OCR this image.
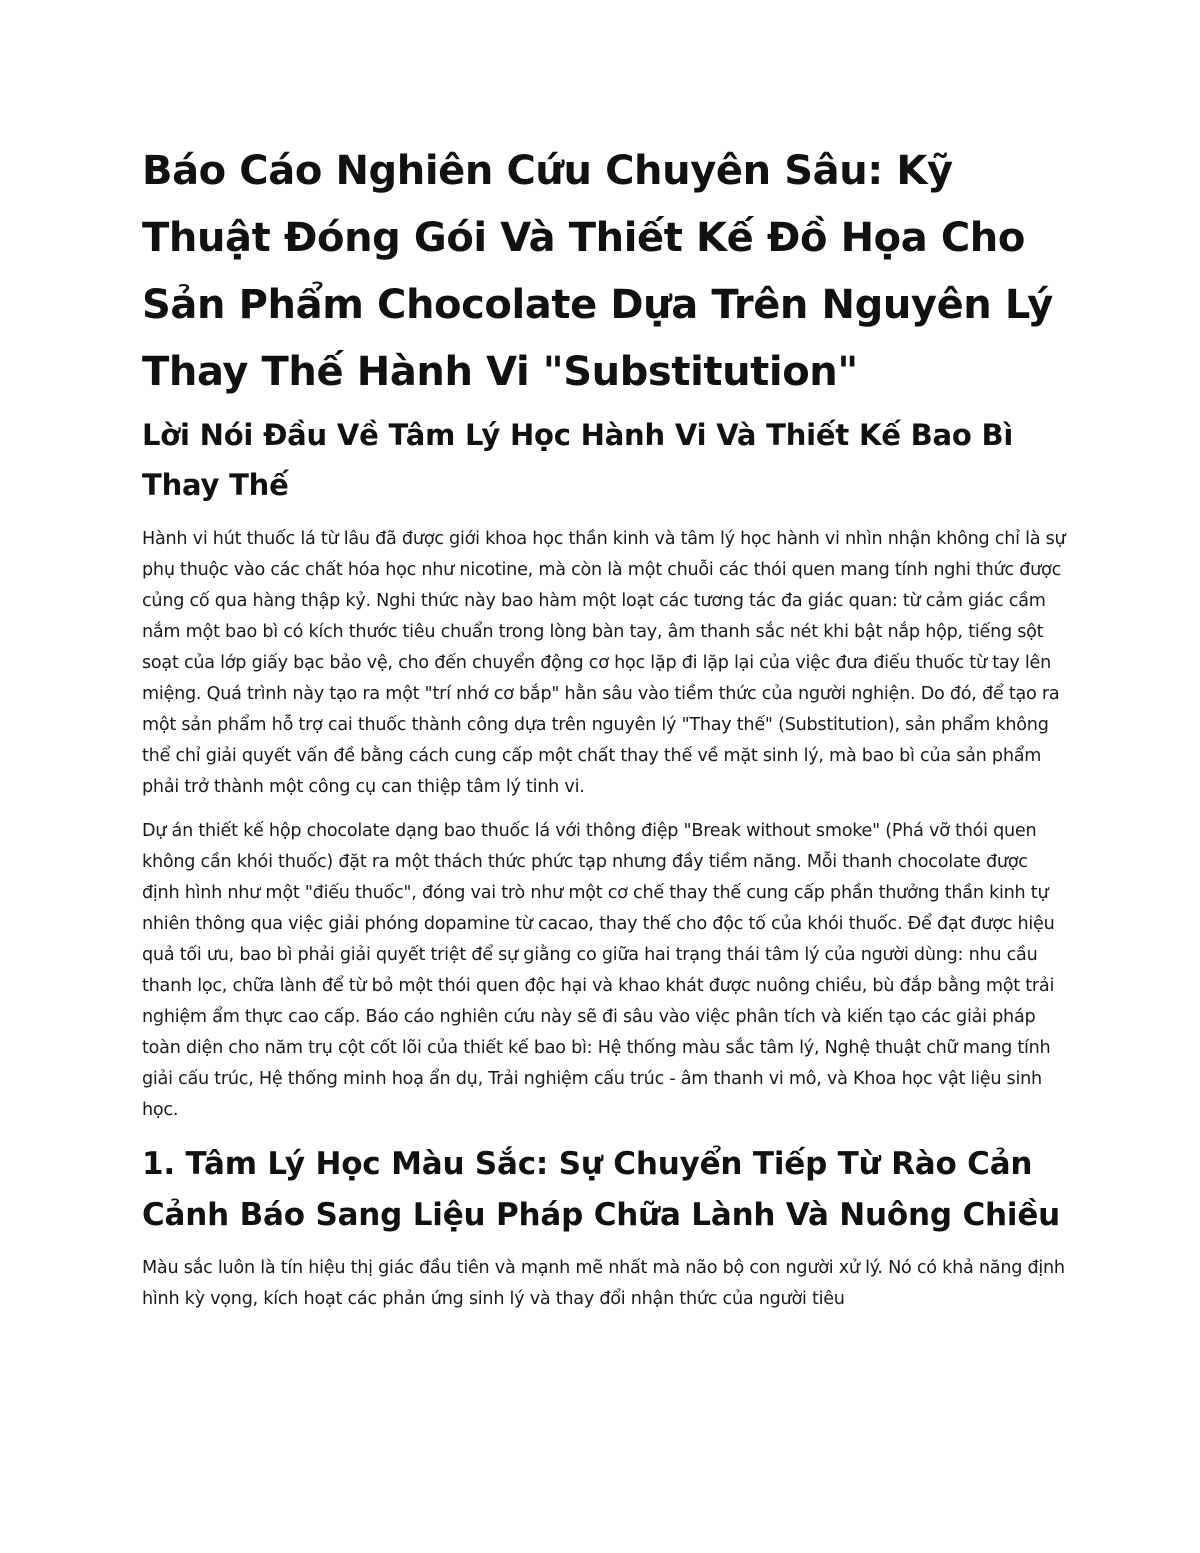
Báo Cáo Nghiên Cứu Chuyên Sâu: Kỹ Thuật Đóng Gói Và Thiết Kế Đồ Họa Cho Sản Phẩm Chocolate Dựa Trên Nguyên Lý Thay Thế Hành Vi "Substitution"
Lời Nói Đầu Về Tâm Lý Học Hành Vi Và Thiết Kế Bao Bì Thay Thế

Hành vi hút thuốc lá từ lâu đã được giới khoa học thần kinh và tâm lý học hành vi nhìn nhận không chỉ là sự phụ thuộc vào các chất hóa học như nicotine, mà còn là một chuỗi các thói quen mang tính nghi thức được củng cố qua hàng thập kỷ. Nghi thức này bao hàm một loạt các tương tác đa giác quan: từ cảm giác cầm nắm một bao bì có kích thước tiêu chuẩn trong lòng bàn tay, âm thanh sắc nét khi bật nắp hộp, tiếng sột soạt của lớp giấy bạc bảo vệ, cho đến chuyển động cơ học lặp đi lặp lại của việc đưa điếu thuốc từ tay lên miệng. Quá trình này tạo ra một "trí nhớ cơ bắp" hằn sâu vào tiềm thức của người nghiện. Do đó, để tạo ra một sản phẩm hỗ trợ cai thuốc thành công dựa trên nguyên lý "Thay thế" (Substitution), sản phẩm không thể chỉ giải quyết vấn đề bằng cách cung cấp một chất thay thế về mặt sinh lý, mà bao bì của sản phẩm phải trở thành một công cụ can thiệp tâm lý tinh vi.

Dự án thiết kế hộp chocolate dạng bao thuốc lá với thông điệp "Break without smoke" (Phá vỡ thói quen không cần khói thuốc) đặt ra một thách thức phức tạp nhưng đầy tiềm năng. Mỗi thanh chocolate được định hình như một "điếu thuốc", đóng vai trò như một cơ chế thay thế cung cấp phần thưởng thần kinh tự nhiên thông qua việc giải phóng dopamine từ cacao, thay thế cho độc tố của khói thuốc. Để đạt được hiệu quả tối ưu, bao bì phải giải quyết triệt để sự giằng co giữa hai trạng thái tâm lý của người dùng: nhu cầu thanh lọc, chữa lành để từ bỏ một thói quen độc hại và khao khát được nuông chiều, bù đắp bằng một trải nghiệm ẩm thực cao cấp. Báo cáo nghiên cứu này sẽ đi sâu vào việc phân tích và kiến tạo các giải pháp toàn diện cho năm trụ cột cốt lõi của thiết kế bao bì: Hệ thống màu sắc tâm lý, Nghệ thuật chữ mang tính giải cấu trúc, Hệ thống minh hoạ ẩn dụ, Trải nghiệm cấu trúc - âm thanh vi mô, và Khoa học vật liệu sinh học.

1. Tâm Lý Học Màu Sắc: Sự Chuyển Tiếp Từ Rào Cản Cảnh Báo Sang Liệu Pháp Chữa Lành Và Nuông Chiều

Màu sắc luôn là tín hiệu thị giác đầu tiên và mạnh mẽ nhất mà não bộ con người xử lý. Nó có khả năng định hình kỳ vọng, kích hoạt các phản ứng sinh lý và thay đổi nhận thức của người tiêu
